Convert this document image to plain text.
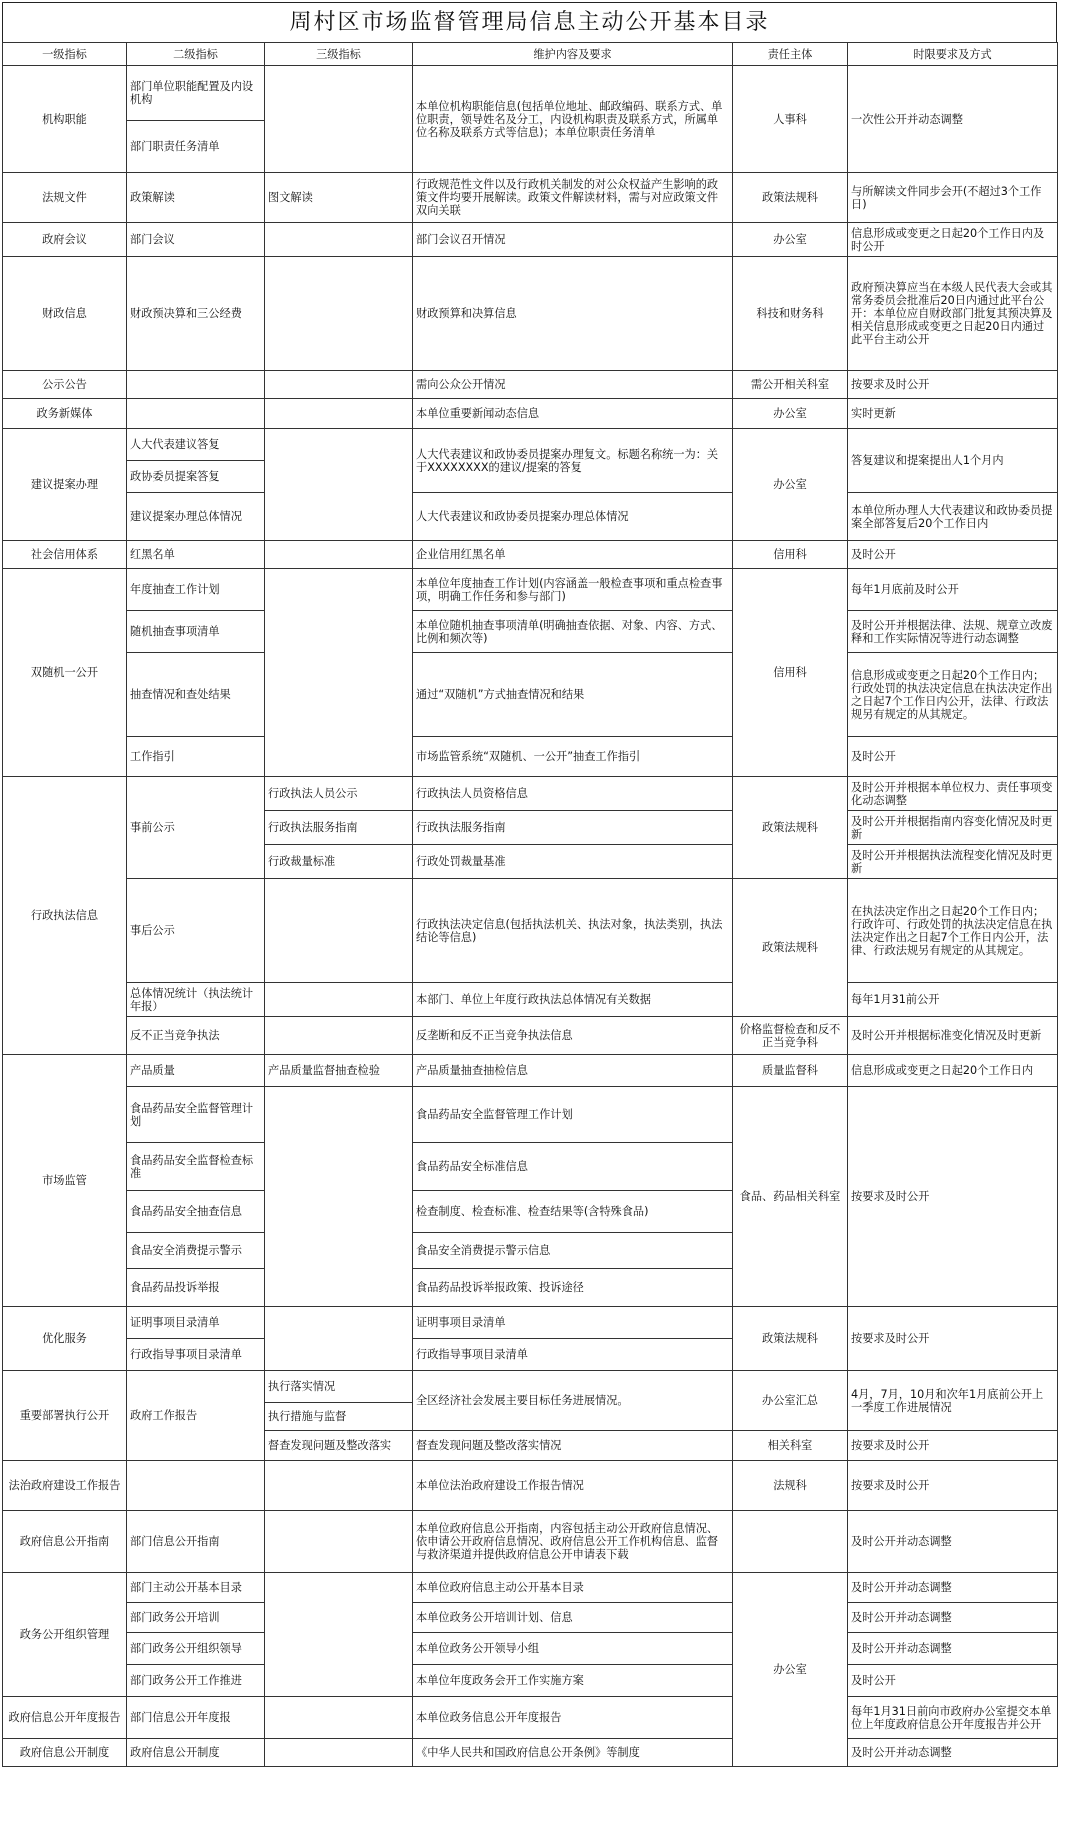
周村区市场监督管理局信息主动公开基本目录
一级指标	二级指标	三级指标	维护内容及要求	责任主体	时限要求及方式
机构职能	部门单位职能配置及内设机构		本单位机构职能信息(包括单位地址、邮政编码、联系方式、单位职责，领导姓名及分工，内设机构职责及联系方式，所属单位名称及联系方式等信息)；本单位职责任务清单	人事科	一次性公开并动态调整
	部门职责任务清单				
法规文件	政策解读	图文解读	行政规范性文件以及行政机关制发的对公众权益产生影响的政策文件均要开展解读。政策文件解读材料，需与对应政策文件双向关联	政策法规科	与所解读文件同步会开(不超过3个工作日)
政府会议	部门会议		部门会议召开情况	办公室	信息形成或变更之日起20个工作日内及时公开
财政信息	财政预决算和三公经费		财政预算和决算信息	科技和财务科	政府预决算应当在本级人民代表大会或其常务委员会批准后20日内通过此平台公开：本单位应自财政部门批复其预决算及相关信息形成或变更之日起20日内通过此平台主动公开
公示公告			需向公众公开情况	需公开相关科室	按要求及时公开
政务新媒体			本单位重要新闻动态信息	办公室	实时更新
建议提案办理	人大代表建议答复		人大代表建议和政协委员提案办理复文。标题名称统一为：关于XXXXXXXX的建议/提案的答复	办公室	答复建议和提案提出人1个月内
	政协委员提案答复				
	建议提案办理总体情况		人大代表建议和政协委员提案办理总体情况		本单位所办理人大代表建议和政协委员提案全部答复后20个工作日内
社会信用体系	红黑名单		企业信用红黑名单	信用科	及时公开
双随机一公开	年度抽查工作计划		本单位年度抽查工作计划(内容涵盖一般检查事项和重点检查事项，明确工作任务和参与部门)	信用科	每年1月底前及时公开
	随机抽查事项清单		本单位随机抽查事项清单(明确抽查依据、对象、内容、方式、比例和频次等)		及时公开并根据法律、法规、规章立改废释和工作实际情况等进行动态调整
	抽查情况和查处结果		通过“双随机”方式抽查情况和结果		信息形成或变更之日起20个工作日内；行政处罚的执法决定信息在执法决定作出之日起7个工作日内公开，法律、行政法规另有规定的从其规定。
	工作指引		市场监管系统“双随机、一公开”抽查工作指引		及时公开
行政执法信息	事前公示	行政执法人员公示	行政执法人员资格信息	政策法规科	及时公开并根据本单位权力、责任事项变化动态调整
		行政执法服务指南	行政执法服务指南		及时公开并根据指南内容变化情况及时更新
		行政裁量标准	行政处罚裁量基准		及时公开并根据执法流程变化情况及时更新
	事后公示		行政执法决定信息(包括执法机关、执法对象，执法类别，执法结论等信息)	政策法规科	在执法决定作出之日起20个工作日内；行政许可、行政处罚的执法决定信息在执法决定作出之日起7个工作日内公开，法律、行政法规另有规定的从其规定。
	总体情况统计（执法统计年报）		本部门、单位上年度行政执法总体情况有关数据		每年1月31前公开
	反不正当竞争执法		反垄断和反不正当竞争执法信息	价格监督检查和反不正当竞争科	及时公开并根据标准变化情况及时更新
市场监管	产品质量	产品质量监督抽查检验	产品质量抽查抽检信息	质量监督科	信息形成或变更之日起20个工作日内
	食品药品安全监督管理计划		食品药品安全监督管理工作计划	食品、药品相关科室	按要求及时公开
	食品药品安全监督检查标准		食品药品安全标准信息		
	食品药品安全抽查信息		检查制度、检查标准、检查结果等(含特殊食品)		
	食品安全消费提示警示		食品安全消费提示警示信息		
	食品药品投诉举报		食品药品投诉举报政策、投诉途径		
优化服务	证明事项目录清单		证明事项目录清单	政策法规科	按要求及时公开
	行政指导事项目录清单		行政指导事项目录清单		
重要部署执行公开	政府工作报告	执行落实情况	全区经济社会发展主要目标任务进展情况。	办公室汇总	4月，7月，10月和次年1月底前公开上一季度工作进展情况
		执行措施与监督			
		督查发现问题及整改落实	督查发现问题及整改落实情况	相关科室	按要求及时公开
法治政府建设工作报告			本单位法治政府建设工作报告情况	法规科	按要求及时公开
政府信息公开指南	部门信息公开指南		本单位政府信息公开指南，内容包括主动公开政府信息情况、依申请公开政府信息情况、政府信息公开工作机构信息、监督与救济渠道并提供政府信息公开申请表下载		及时公开并动态调整
政务公开组织管理	部门主动公开基本目录		本单位政府信息主动公开基本目录	办公室	及时公开并动态调整
	部门政务公开培训		本单位政务公开培训计划、信息		及时公开并动态调整
	部门政务公开组织领导		本单位政务公开领导小组		及时公开并动态调整
	部门政务公开工作推进		本单位年度政务会开工作实施方案		及时公开
政府信息公开年度报告	部门信息公开年度报		本单位政务信息公开年度报告		每年1月31日前向市政府办公室提交本单位上年度政府信息公开年度报告并公开
政府信息公开制度	政府信息公开制度		《中华人民共和国政府信息公开条例》等制度		及时公开并动态调整
